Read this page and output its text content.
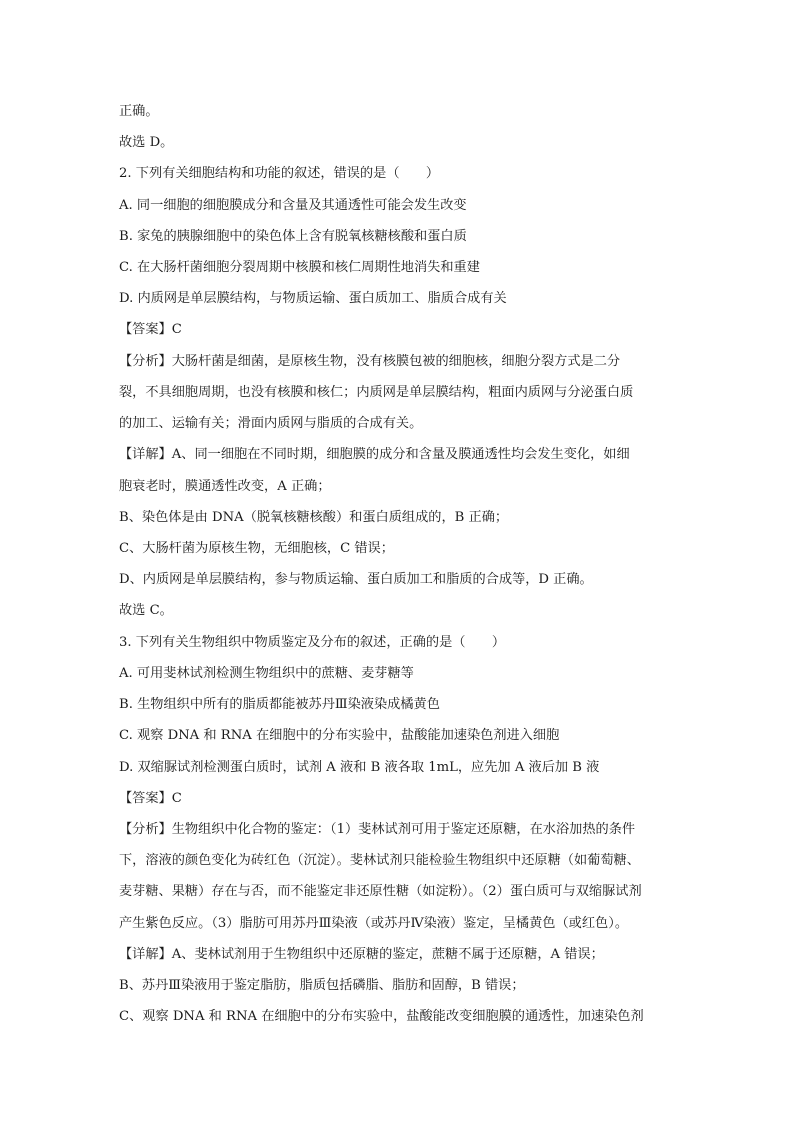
正确。
故选 D。
2. 下列有关细胞结构和功能的叙述，错误的是（　　）
A. 同一细胞的细胞膜成分和含量及其通透性可能会发生改变
B. 家兔的胰腺细胞中的染色体上含有脱氧核糖核酸和蛋白质
C. 在大肠杆菌细胞分裂周期中核膜和核仁周期性地消失和重建
D. 内质网是单层膜结构，与物质运输、蛋白质加工、脂质合成有关
【答案】C
【分析】大肠杆菌是细菌，是原核生物，没有核膜包被的细胞核，细胞分裂方式是二分
裂，不具细胞周期，也没有核膜和核仁；内质网是单层膜结构，粗面内质网与分泌蛋白质
的加工、运输有关；滑面内质网与脂质的合成有关。
【详解】A、同一细胞在不同时期，细胞膜的成分和含量及膜通透性均会发生变化，如细
胞衰老时，膜通透性改变，A 正确；
B、染色体是由 DNA（脱氧核糖核酸）和蛋白质组成的，B 正确；
C、大肠杆菌为原核生物，无细胞核，C 错误；
D、内质网是单层膜结构，参与物质运输、蛋白质加工和脂质的合成等，D 正确。
故选 C。
3. 下列有关生物组织中物质鉴定及分布的叙述，正确的是（　　）
A. 可用斐林试剂检测生物组织中的蔗糖、麦芽糖等
B. 生物组织中所有的脂质都能被苏丹Ⅲ染液染成橘黄色
C. 观察 DNA 和 RNA 在细胞中的分布实验中，盐酸能加速染色剂进入细胞
D. 双缩脲试剂检测蛋白质时，试剂 A 液和 B 液各取 1mL，应先加 A 液后加 B 液
【答案】C
【分析】生物组织中化合物的鉴定：（1）斐林试剂可用于鉴定还原糖，在水浴加热的条件
下，溶液的颜色变化为砖红色（沉淀）。斐林试剂只能检验生物组织中还原糖（如葡萄糖、
麦芽糖、果糖）存在与否，而不能鉴定非还原性糖（如淀粉）。（2）蛋白质可与双缩脲试剂
产生紫色反应。（3）脂肪可用苏丹Ⅲ染液（或苏丹Ⅳ染液）鉴定，呈橘黄色（或红色）。
【详解】A、斐林试剂用于生物组织中还原糖的鉴定，蔗糖不属于还原糖，A 错误；
B、苏丹Ⅲ染液用于鉴定脂肪，脂质包括磷脂、脂肪和固醇，B 错误；
C、观察 DNA 和 RNA 在细胞中的分布实验中，盐酸能改变细胞膜的通透性，加速染色剂
